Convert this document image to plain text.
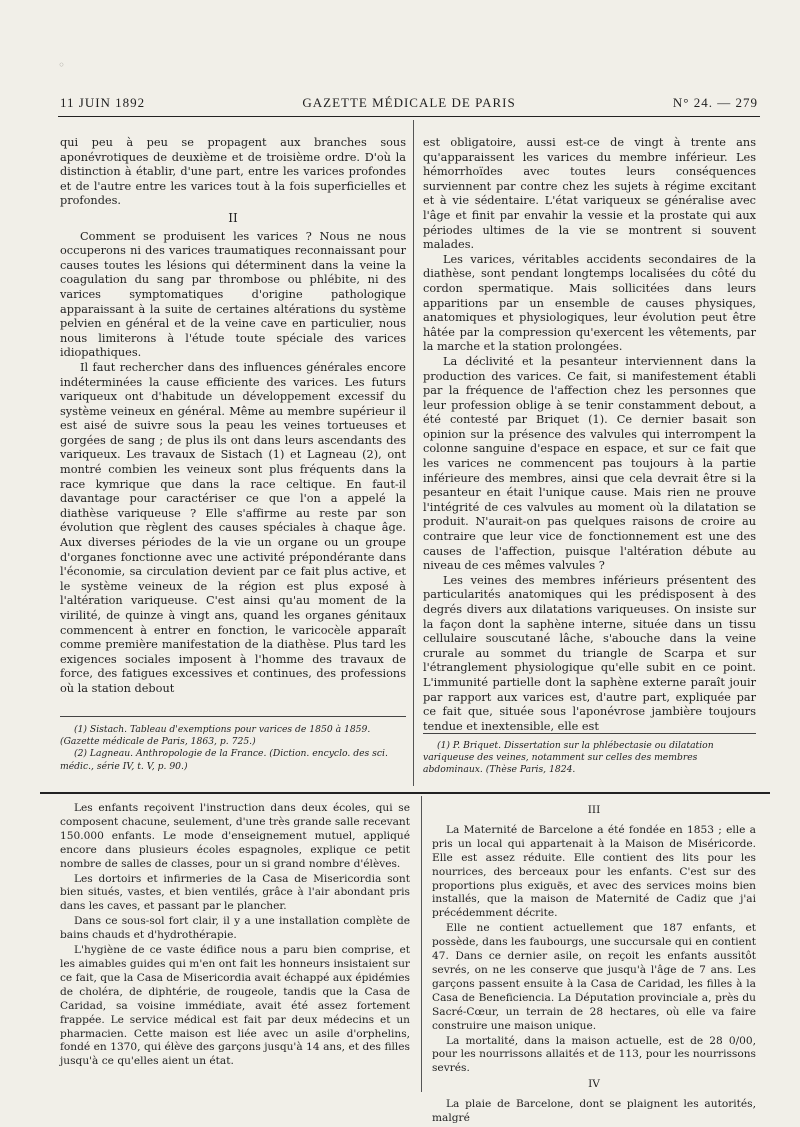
◦
11 JUIN 1892	GAZETTE MÉDICALE DE PARIS	N° 24. — 279

qui peu à peu se propagent aux branches sous aponévrotiques de deuxième et de troisième ordre. D'où la distinction à établir, d'une part, entre les varices profondes et de l'autre entre les varices tout à la fois superficielles et profondes.

II

Comment se produisent les varices ? Nous ne nous occuperons ni des varices traumatiques reconnaissant pour causes toutes les lésions qui déterminent dans la veine la coagulation du sang par thrombose ou phlébite, ni des varices symptomatiques d'origine pathologique apparaissant à la suite de certaines altérations du système pelvien en général et de la veine cave en particulier, nous nous limiterons à l'étude toute spéciale des varices idiopathiques.

Il faut rechercher dans des influences générales encore indéterminées la cause efficiente des varices. Les futurs variqueux ont d'habitude un développement excessif du système veineux en général. Même au membre supérieur il est aisé de suivre sous la peau les veines tortueuses et gorgées de sang ; de plus ils ont dans leurs ascendants des variqueux. Les travaux de Sistach (1) et Lagneau (2), ont montré combien les veineux sont plus fréquents dans la race kymrique que dans la race celtique. En faut-il davantage pour caractériser ce que l'on a appelé la diathèse variqueuse ? Elle s'affirme au reste par son évolution que règlent des causes spéciales à chaque âge. Aux diverses périodes de la vie un organe ou un groupe d'organes fonctionne avec une activité prépondérante dans l'économie, sa circulation devient par ce fait plus active, et le système veineux de la région est plus exposé à l'altération variqueuse. C'est ainsi qu'au moment de la virilité, de quinze à vingt ans, quand les organes génitaux commencent à entrer en fonction, le varicocèle apparaît comme première manifestation de la diathèse. Plus tard les exigences sociales imposent à l'homme des travaux de force, des fatigues excessives et continues, des professions où la station debout

est obligatoire, aussi est-ce de vingt à trente ans qu'apparaissent les varices du membre inférieur. Les hémorrhoïdes avec toutes leurs conséquences surviennent par contre chez les sujets à régime excitant et à vie sédentaire. L'état variqueux se généralise avec l'âge et finit par envahir la vessie et la prostate qui aux périodes ultimes de la vie se montrent si souvent malades.

Les varices, véritables accidents secondaires de la diathèse, sont pendant longtemps localisées du côté du cordon spermatique. Mais sollicitées dans leurs apparitions par un ensemble de causes physiques, anatomiques et physiologiques, leur évolution peut être hâtée par la compression qu'exercent les vêtements, par la marche et la station prolongées.

La déclivité et la pesanteur interviennent dans la production des varices. Ce fait, si manifestement établi par la fréquence de l'affection chez les personnes que leur profession oblige à se tenir constamment debout, a été contesté par Briquet (1). Ce dernier basait son opinion sur la présence des valvules qui interrompent la colonne sanguine d'espace en espace, et sur ce fait que les varices ne commencent pas toujours à la partie inférieure des membres, ainsi que cela devrait être si la pesanteur en était l'unique cause. Mais rien ne prouve l'intégrité de ces valvules au moment où la dilatation se produit. N'aurait-on pas quelques raisons de croire au contraire que leur vice de fonctionnement est une des causes de l'affection, puisque l'altération débute au niveau de ces mêmes valvules ?

Les veines des membres inférieurs présentent des particularités anatomiques qui les prédisposent à des degrés divers aux dilatations variqueuses. On insiste sur la façon dont la saphène interne, située dans un tissu cellulaire souscutané lâche, s'abouche dans la veine crurale au sommet du triangle de Scarpa et sur l'étranglement physiologique qu'elle subit en ce point. L'immunité partielle dont la saphène externe paraît jouir par rapport aux varices est, d'autre part, expliquée par ce fait que, située sous l'aponévrose jambière toujours tendue et inextensible, elle est

(1) Sistach. Tableau d'exemptions pour varices de 1850 à 1859. (Gazette médicale de Paris, 1863, p. 725.)

(2) Lagneau. Anthropologie de la France. (Diction. encyclo. des sci. médic., série IV, t. V, p. 90.)

(1) P. Briquet. Dissertation sur la phlébectasie ou dilatation variqueuse des veines, notamment sur celles des membres abdominaux. (Thèse Paris, 1824.

Les enfants reçoivent l'instruction dans deux écoles, qui se composent chacune, seulement, d'une très grande salle recevant 150.000 enfants. Le mode d'enseignement mutuel, appliqué encore dans plusieurs écoles espagnoles, explique ce petit nombre de salles de classes, pour un si grand nombre d'élèves.

Les dortoirs et infirmeries de la Casa de Misericordia sont bien situés, vastes, et bien ventilés, grâce à l'air abondant pris dans les caves, et passant par le plancher.

Dans ce sous-sol fort clair, il y a une installation complète de bains chauds et d'hydrothérapie.

L'hygiène de ce vaste édifice nous a paru bien comprise, et les aimables guides qui m'en ont fait les honneurs insistaient sur ce fait, que la Casa de Misericordia avait échappé aux épidémies de choléra, de diphtérie, de rougeole, tandis que la Casa de Caridad, sa voisine immédiate, avait été assez fortement frappée. Le service médical est fait par deux médecins et un pharmacien. Cette maison est liée avec un asile d'orphelins, fondé en 1370, qui élève des garçons jusqu'à 14 ans, et des filles jusqu'à ce qu'elles aient un état.

III

La Maternité de Barcelone a été fondée en 1853 ; elle a pris un local qui appartenait à la Maison de Miséricorde. Elle est assez réduite. Elle contient des lits pour les nourrices, des berceaux pour les enfants. C'est sur des proportions plus exiguës, et avec des services moins bien installés, que la maison de Maternité de Cadiz que j'ai précédemment décrite.

Elle ne contient actuellement que 187 enfants, et possède, dans les faubourgs, une succursale qui en contient 47. Dans ce dernier asile, on reçoit les enfants aussitôt sevrés, on ne les conserve que jusqu'à l'âge de 7 ans. Les garçons passent ensuite à la Casa de Caridad, les filles à la Casa de Beneficiencia. La Députation provinciale a, près du Sacré-Cœur, un terrain de 28 hectares, où elle va faire construire une maison unique.

La mortalité, dans la maison actuelle, est de 28 0/00, pour les nourrissons allaités et de 113, pour les nourrissons sevrés.

IV

La plaie de Barcelone, dont se plaignent les autorités, malgré
